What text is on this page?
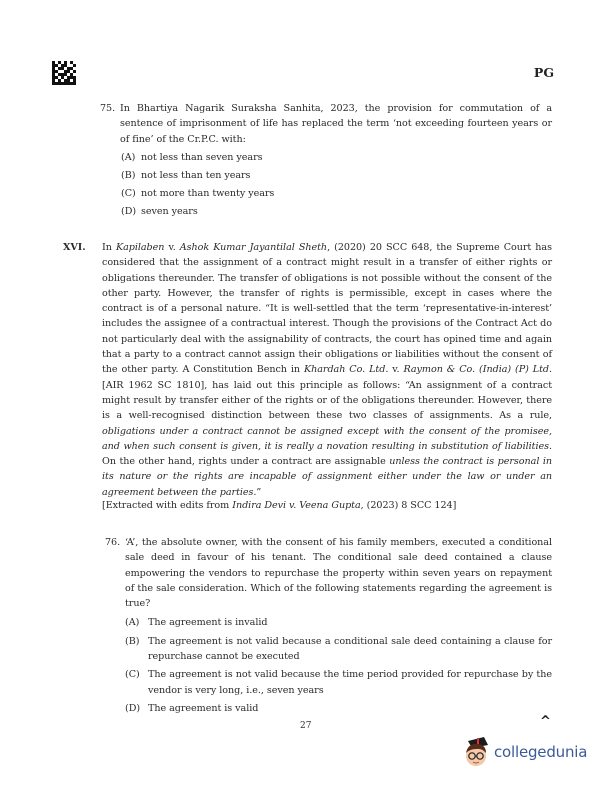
PG
75. In Bhartiya Nagarik Suraksha Sanhita, 2023, the provision for commutation of a sentence of imprisonment of life has replaced the term ‘not exceeding fourteen years or of fine’ of the Cr.P.C. with:
(A) not less than seven years
(B) not less than ten years
(C) not more than twenty years
(D) seven years
XVI. In Kapilaben v. Ashok Kumar Jayantilal Sheth, (2020) 20 SCC 648, the Supreme Court has considered that the assignment of a contract might result in a transfer of either rights or obligations thereunder. The transfer of obligations is not possible without the consent of the other party. However, the transfer of rights is permissible, except in cases where the contract is of a personal nature. “It is well-settled that the term ‘representative-in-interest’ includes the assignee of a contractual interest. Though the provisions of the Contract Act do not particularly deal with the assignability of contracts, the court has opined time and again that a party to a contract cannot assign their obligations or liabilities without the consent of the other party. A Constitution Bench in Khardah Co. Ltd. v. Raymon & Co. (India) (P) Ltd. [AIR 1962 SC 1810], has laid out this principle as follows: “An assignment of a contract might result by transfer either of the rights or of the obligations thereunder. However, there is a well-recognised distinction between these two classes of assignments. As a rule, obligations under a contract cannot be assigned except with the consent of the promisee, and when such consent is given, it is really a novation resulting in substitution of liabilities. On the other hand, rights under a contract are assignable unless the contract is personal in its nature or the rights are incapable of assignment either under the law or under an agreement between the parties.”
[Extracted with edits from Indira Devi v. Veena Gupta, (2023) 8 SCC 124]
76. ‘A’, the absolute owner, with the consent of his family members, executed a conditional sale deed in favour of his tenant. The conditional sale deed contained a clause empowering the vendors to repurchase the property within seven years on repayment of the sale consideration. Which of the following statements regarding the agreement is true?
(A) The agreement is invalid
(B) The agreement is not valid because a conditional sale deed containing a clause for repurchase cannot be executed
(C) The agreement is not valid because the time period provided for repurchase by the vendor is very long, i.e., seven years
(D) The agreement is valid
27	^
collegedunia
